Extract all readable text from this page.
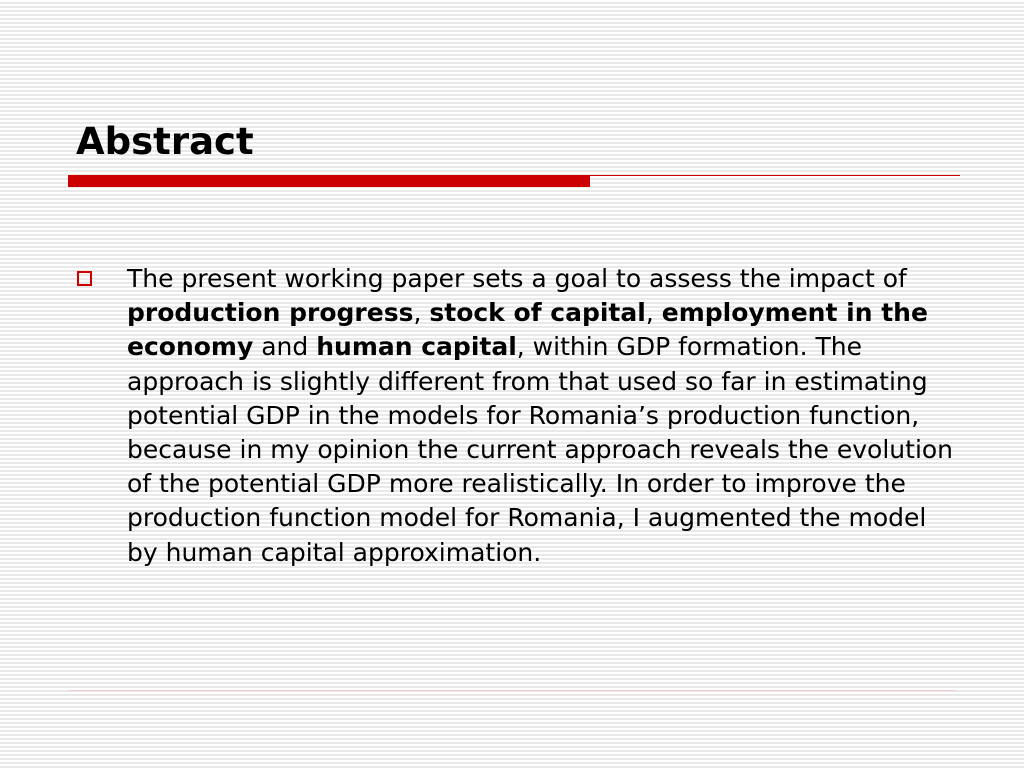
Abstract

The present working paper sets a goal to assess the impact of production progress, stock of capital, employment in the economy and human capital, within GDP formation. The approach is slightly different from that used so far in estimating potential GDP in the models for Romania’s production function, because in my opinion the current approach reveals the evolution of the potential GDP more realistically. In order to improve the production function model for Romania, I augmented the model by human capital approximation.
